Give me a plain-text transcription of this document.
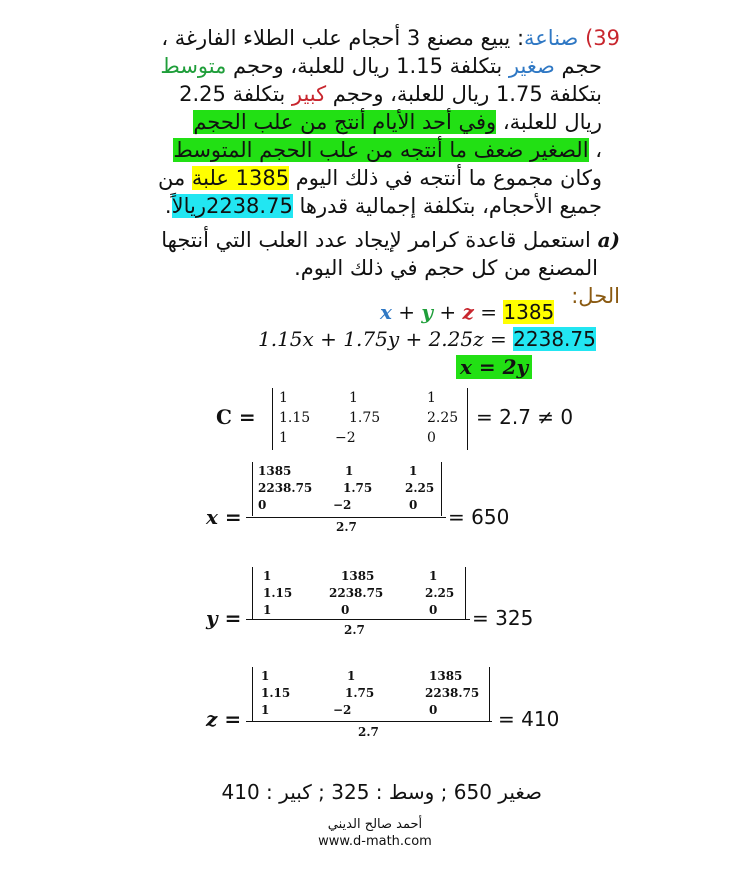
39) صناعة: يبيع مصنع 3 أحجام علب الطلاء الفارغة ،
حجم صغير بتكلفة 1.15 ريال للعلبة، وحجم متوسط
بتكلفة 1.75 ريال للعلبة، وحجم كبير بتكلفة 2.25
ريال للعلبة، وفي أحد الأيام أنتج من علب الحجم
، الصغير ضعف ما أنتجه من علب الحجم المتوسط
وكان مجموع ما أنتجه في ذلك اليوم 1385 علبة من
جميع الأحجام، بتكلفة إجمالية قدرها 2238.75ريالاً.
a) استعمل قاعدة كرامر لإيجاد عدد العلب التي أنتجها
المصنع من كل حجم في ذلك اليوم.
الحل:
x + y + z = 1385
1.15x + 1.75y + 2.25z = 2238.75
x = 2y
C =
1	1	1
1.15	1.75	2.25
1	−2	0
= 2.7 ≠ 0
x =
1385	1	1
2238.75	1.75	2.25
0	−2	0
2.7	= 650
y =
1	1385	1
1.15	2238.75	2.25
1	0	0
2.7	= 325
z =
1	1	1385
1.15	1.75	2238.75
1	−2	0
2.7
= 410
صغير 650 ; وسط : 325 ; كبير : 410
أحمد صالح الديني
www.d-math.com
